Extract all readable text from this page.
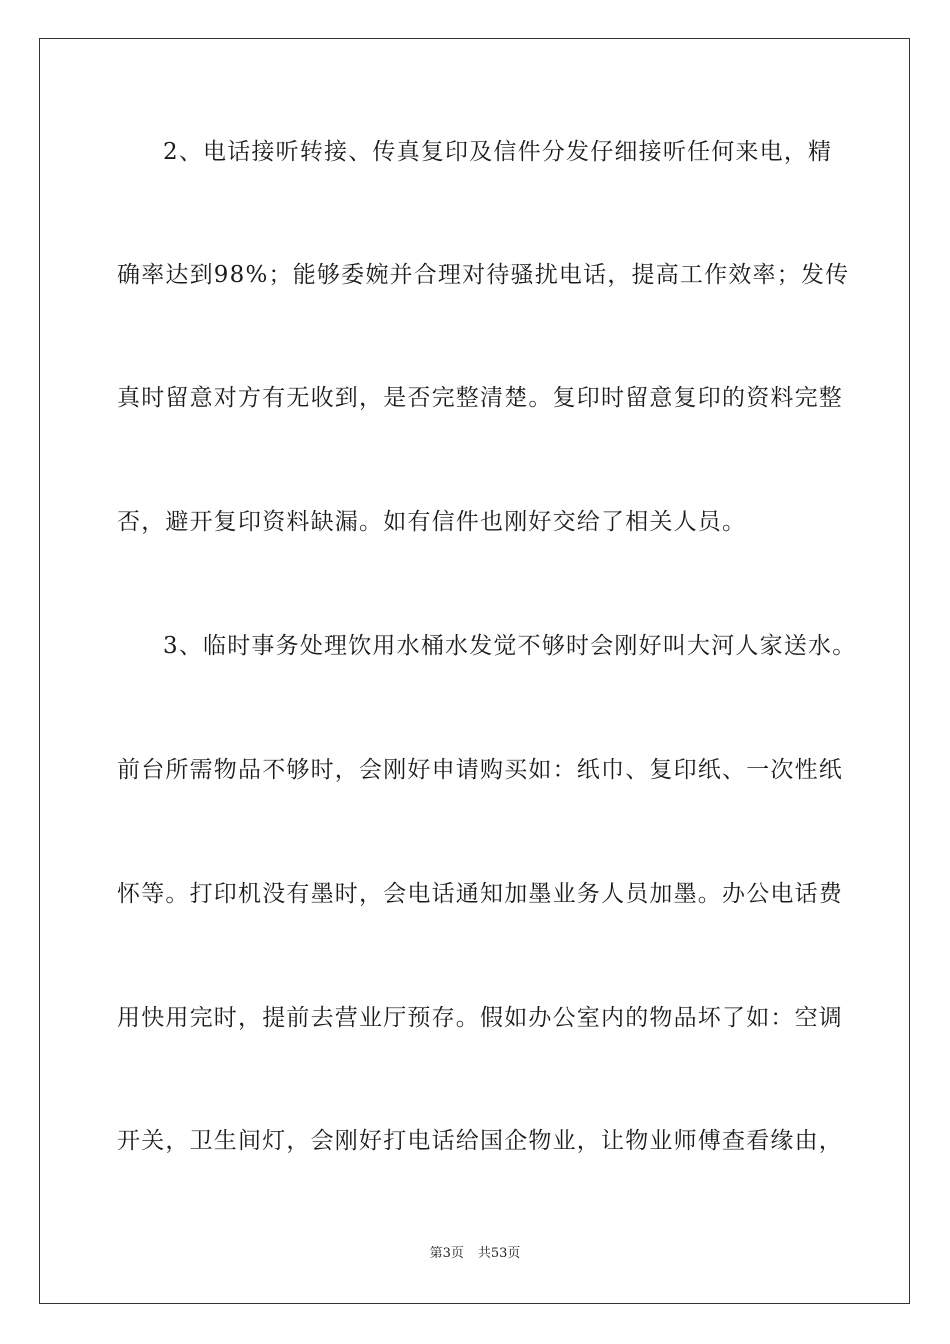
2、电话接听转接、传真复印及信件分发仔细接听任何来电，精
确率达到98%；能够委婉并合理对待骚扰电话，提高工作效率；发传
真时留意对方有无收到，是否完整清楚。复印时留意复印的资料完整
否，避开复印资料缺漏。如有信件也刚好交给了相关人员。
3、临时事务处理饮用水桶水发觉不够时会刚好叫大河人家送水。
前台所需物品不够时，会刚好申请购买如：纸巾、复印纸、一次性纸
怀等。打印机没有墨时，会电话通知加墨业务人员加墨。办公电话费
用快用完时，提前去营业厅预存。假如办公室内的物品坏了如：空调
开关，卫生间灯，会刚好打电话给国企物业，让物业师傅查看缘由，
第3页 共53页
